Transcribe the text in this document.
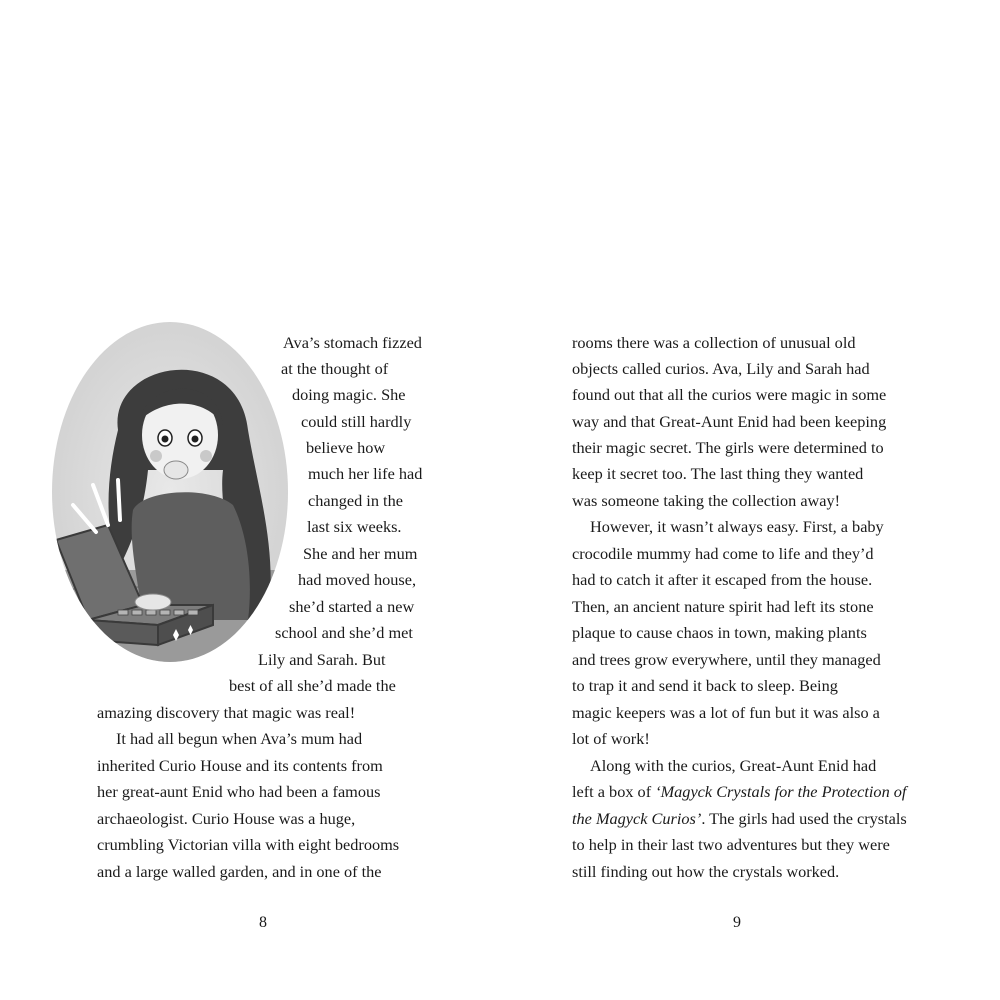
Ava’s stomach fizzed
at the thought of
doing magic. She
could still hardly
believe how
much her life had
changed in the
last six weeks.
She and her mum
had moved house,
she’d started a new
school and she’d met
Lily and Sarah. But
best of all she’d made the
amazing discovery that magic was real!
It had all begun when Ava’s mum had
inherited Curio House and its contents from
her great-aunt Enid who had been a famous
archaeologist. Curio House was a huge,
crumbling Victorian villa with eight bedrooms
and a large walled garden, and in one of the
8
rooms there was a collection of unusual old
objects called curios. Ava, Lily and Sarah had
found out that all the curios were magic in some
way and that Great-Aunt Enid had been keeping
their magic secret. The girls were determined to
keep it secret too. The last thing they wanted
was someone taking the collection away!
However, it wasn’t always easy. First, a baby
crocodile mummy had come to life and they’d
had to catch it after it escaped from the house.
Then, an ancient nature spirit had left its stone
plaque to cause chaos in town, making plants
and trees grow everywhere, until they managed
to trap it and send it back to sleep. Being
magic keepers was a lot of fun but it was also a
lot of work!
Along with the curios, Great-Aunt Enid had
left a box of ‘Magyck Crystals for the Protection of
the Magyck Curios’. The girls had used the crystals
to help in their last two adventures but they were
still finding out how the crystals worked.
9
